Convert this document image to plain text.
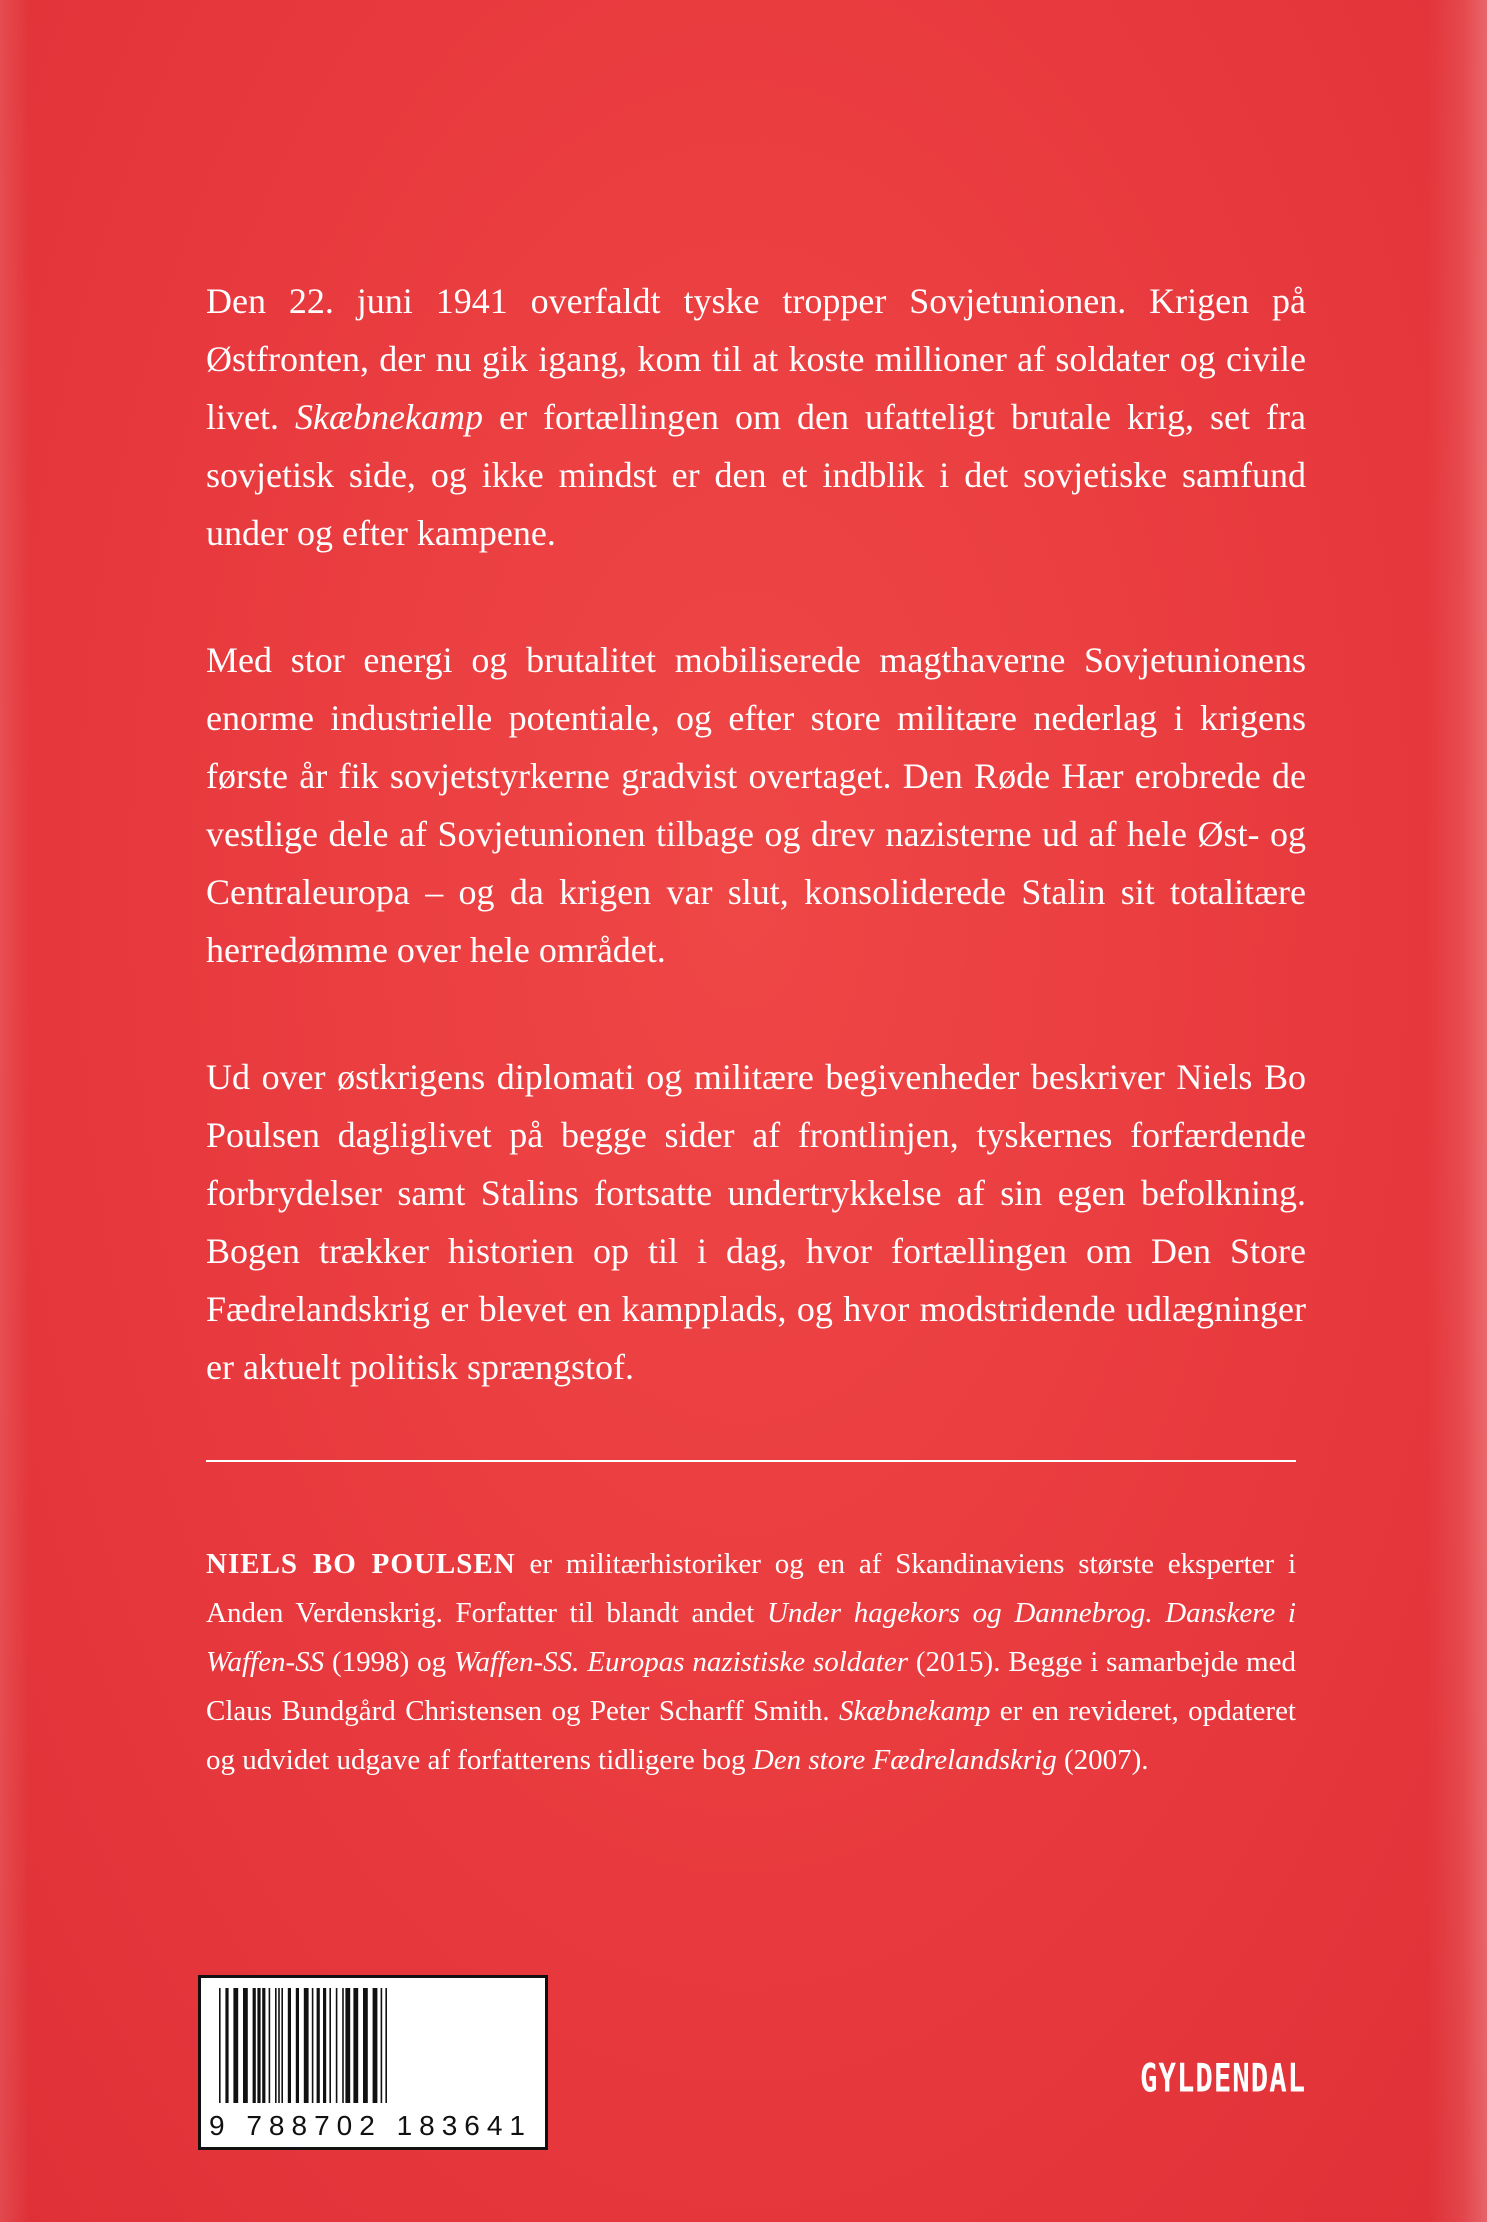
Den 22. juni 1941 overfaldt tyske tropper Sovjetunionen. Krigen på Østfronten, der nu gik igang, kom til at koste millioner af soldater og civile livet. Skæbnekamp er fortællingen om den ufatteligt brutale krig, set fra sovjetisk side, og ikke mindst er den et indblik i det sovjetiske samfund under og efter kampene.

Med stor energi og brutalitet mobiliserede magthaverne Sovjetunionens enorme industrielle potentiale, og efter store militære nederlag i krigens første år fik sovjetstyrkerne gradvist overtaget. Den Røde Hær erobrede de vestlige dele af Sovjetunionen tilbage og drev nazisterne ud af hele Øst- og Centraleuropa – og da krigen var slut, konsoliderede Stalin sit totalitære herredømme over hele området.

Ud over østkrigens diplomati og militære begivenheder beskriver Niels Bo Poulsen dagliglivet på begge sider af frontlinjen, tyskernes forfærdende forbrydelser samt Stalins fortsatte undertrykkelse af sin egen befolkning. Bogen trækker historien op til i dag, hvor fortællingen om Den Store Fædrelandskrig er blevet en kampplads, og hvor modstridende udlægninger er aktuelt politisk sprængstof.

NIELS BO POULSEN er militærhistoriker og en af Skandinaviens største eksperter i Anden Verdenskrig. Forfatter til blandt andet Under hagekors og Dannebrog. Danskere i Waffen-SS (1998) og Waffen-SS. Europas nazistiske soldater (2015). Begge i samarbejde med Claus Bundgård Christensen og Peter Scharff Smith. Skæbnekamp er en revideret, opdateret og udvidet udgave af forfatterens tidligere bog Den store Fædrelandskrig (2007).
9 788702 183641
GYLDENDAL
